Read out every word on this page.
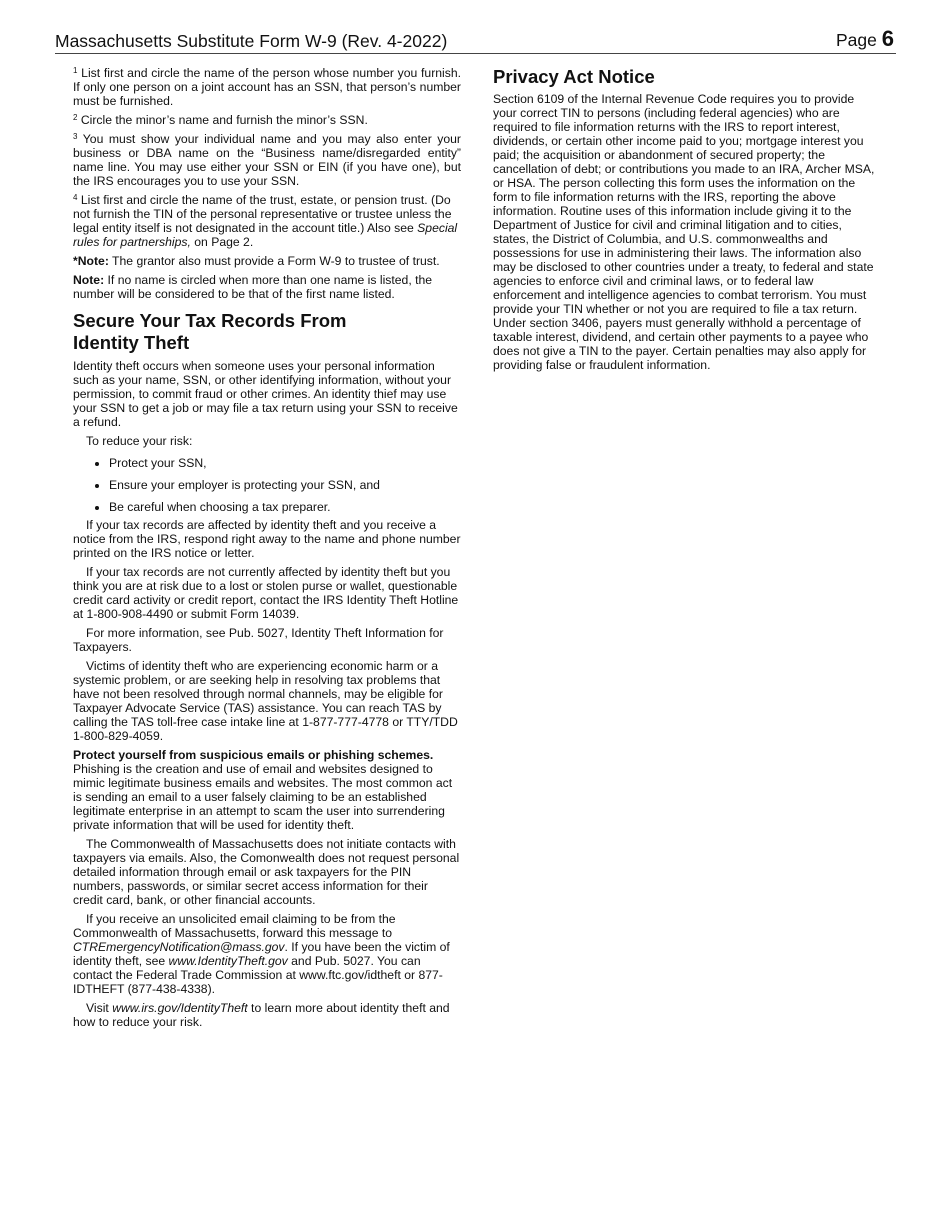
Massachusetts Substitute Form W-9 (Rev. 4-2022)	Page 6

$^1$ List first and circle the name of the person whose number you furnish. If only one person on a joint account has an SSN, that person’s number must be furnished.

$^2$ Circle the minor’s name and furnish the minor’s SSN.

$^3$ You must show your individual name and you may also enter your business or DBA name on the “Business name/disregarded entity” name line. You may use either your SSN or EIN (if you have one), but the IRS encourages you to use your SSN.

$^4$ List first and circle the name of the trust, estate, or pension trust. (Do not furnish the TIN of the personal representative or trustee unless the legal entity itself is not designated in the account title.) Also see Special rules for partnerships, on Page 2.

*Note: The grantor also must provide a Form W-9 to trustee of trust.

Note: If no name is circled when more than one name is listed, the number will be considered to be that of the first name listed.

Secure Your Tax Records From Identity Theft

Identity theft occurs when someone uses your personal information such as your name, SSN, or other identifying information, without your permission, to commit fraud or other crimes. An identity thief may use your SSN to get a job or may file a tax return using your SSN to receive a refund.

To reduce your risk:

• Protect your SSN,
• Ensure your employer is protecting your SSN, and
• Be careful when choosing a tax preparer.

If your tax records are affected by identity theft and you receive a notice from the IRS, respond right away to the name and phone number printed on the IRS notice or letter.

If your tax records are not currently affected by identity theft but you think you are at risk due to a lost or stolen purse or wallet, questionable credit card activity or credit report, contact the IRS Identity Theft Hotline at 1-800-908-4490 or submit Form 14039.

For more information, see Pub. 5027, Identity Theft Information for Taxpayers.

Victims of identity theft who are experiencing economic harm or a systemic problem, or are seeking help in resolving tax problems that have not been resolved through normal channels, may be eligible for Taxpayer Advocate Service (TAS) assistance. You can reach TAS by calling the TAS toll-free case intake line at 1-877-777-4778 or TTY/TDD 1-800-829-4059.

Protect yourself from suspicious emails or phishing schemes. Phishing is the creation and use of email and websites designed to mimic legitimate business emails and websites. The most common act is sending an email to a user falsely claiming to be an established legitimate enterprise in an attempt to scam the user into surrendering private information that will be used for identity theft.

The Commonwealth of Massachusetts does not initiate contacts with taxpayers via emails. Also, the Comonwealth does not request personal detailed information through email or ask taxpayers for the PIN numbers, passwords, or similar secret access information for their credit card, bank, or other financial accounts.

If you receive an unsolicited email claiming to be from the Commonwealth of Massachusetts, forward this message to CTREmergencyNotification@mass.gov. If you have been the victim of identity theft, see www.IdentityTheft.gov and Pub. 5027. You can contact the Federal Trade Commission at www.ftc.gov/idtheft or 877-IDTHEFT (877-438-4338).

Visit www.irs.gov/IdentityTheft to learn more about identity theft and how to reduce your risk.

Privacy Act Notice

Section 6109 of the Internal Revenue Code requires you to provide your correct TIN to persons (including federal agencies) who are required to file information returns with the IRS to report interest, dividends, or certain other income paid to you; mortgage interest you paid; the acquisition or abandonment of secured property; the cancellation of debt; or contributions you made to an IRA, Archer MSA, or HSA. The person collecting this form uses the information on the form to file information returns with the IRS, reporting the above information. Routine uses of this information include giving it to the Department of Justice for civil and criminal litigation and to cities, states, the District of Columbia, and U.S. commonwealths and possessions for use in administering their laws. The information also may be disclosed to other countries under a treaty, to federal and state agencies to enforce civil and criminal laws, or to federal law enforcement and intelligence agencies to combat terrorism. You must provide your TIN whether or not you are required to file a tax return. Under section 3406, payers must generally withhold a percentage of taxable interest, dividend, and certain other payments to a payee who does not give a TIN to the payer. Certain penalties may also apply for providing false or fraudulent information.
